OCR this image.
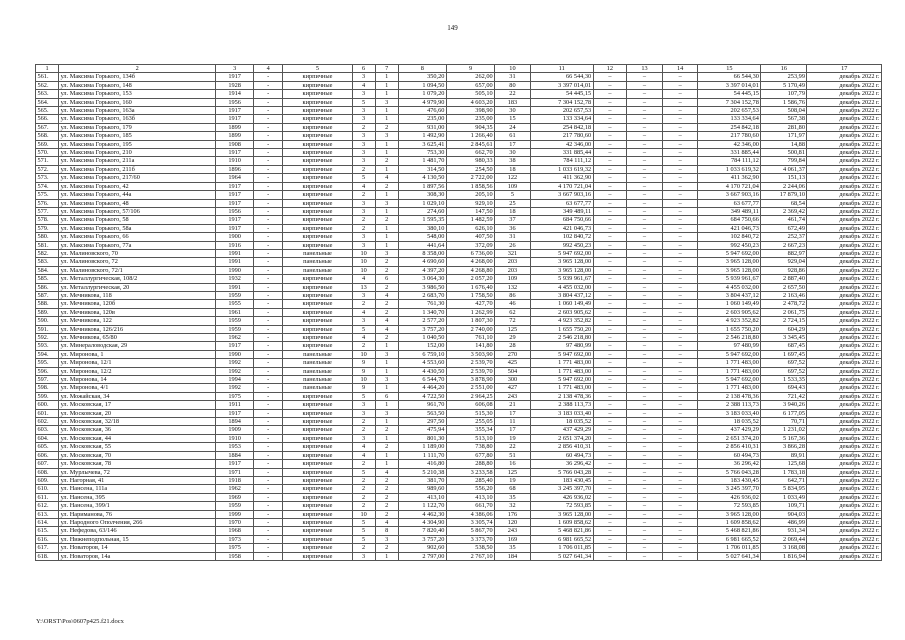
149
1	2	3	4	5	6	7	8	9	10	11	12	13	14	15	16	17
561.	ул. Максима Горького, 134б	1917	-	кирпичные	3	1	350,20	262,00	31	66 544,30	–	–	–	66 544,30	253,99	декабрь 2022 г.
562.	ул. Максима Горького, 148	1928	-	кирпичные	4	1	1 094,50	657,00	80	3 397 014,01	–	–	–	3 397 014,01	5 170,49	декабрь 2022 г.
563.	ул. Максима Горького, 153	1914	-	кирпичные	3	1	1 079,20	505,10	22	54 445,15	–	–	–	54 445,15	107,79	декабрь 2022 г.
564.	ул. Максима Горького, 160	1956	-	кирпичные	5	3	4 979,90	4 603,20	183	7 304 152,78	–	–	–	7 304 152,78	1 586,76	декабрь 2022 г.
565.	ул. Максима Горького, 163а	1917	-	кирпичные	3	1	476,60	398,90	30	202 657,53	–	–	–	202 657,53	508,04	декабрь 2022 г.
566.	ул. Максима Горького, 163б	1917	-	кирпичные	3	1	235,00	235,00	15	133 334,64	–	–	–	133 334,64	567,38	декабрь 2022 г.
567.	ул. Максима Горького, 179	1899	-	кирпичные	2	2	931,00	904,35	24	254 842,18	–	–	–	254 842,18	281,80	декабрь 2022 г.
568.	ул. Максима Горького, 185	1899	-	кирпичные	3	3	1 492,90	1 266,40	61	217 780,60	–	–	–	217 780,60	171,97	декабрь 2022 г.
569.	ул. Максима Горького, 195	1908	-	кирпичные	3	1	3 625,41	2 845,61	17	42 346,00	–	–	–	42 346,00	14,88	декабрь 2022 г.
570.	ул. Максима Горького, 210	1917	-	кирпичные	3	1	753,30	662,70	30	331 885,44	–	–	–	331 885,44	500,81	декабрь 2022 г.
571.	ул. Максима Горького, 211а	1910	-	кирпичные	3	2	1 481,70	980,33	38	784 111,12	–	–	–	784 111,12	799,84	декабрь 2022 г.
572.	ул. Максима Горького, 211б	1896	-	кирпичные	2	1	314,50	254,50	18	1 033 619,32	–	–	–	1 033 619,32	4 061,37	декабрь 2022 г.
573.	ул. Максима Горького, 217/60	1964	-	кирпичные	5	4	4 130,50	2 722,00	122	411 362,90	–	–	–	411 362,90	151,13	декабрь 2022 г.
574.	ул. Максима Горького, 42	1917	-	кирпичные	4	2	1 897,56	1 858,56	109	4 170 721,04	–	–	–	4 170 721,04	2 244,06	декабрь 2022 г.
575.	ул. Максима Горького, 44а	1917	-	кирпичные	2	1	308,30	205,10	5	3 667 903,16	–	–	–	3 667 903,16	17 879,10	декабрь 2022 г.
576.	ул. Максима Горького, 48	1917	-	кирпичные	3	3	1 029,10	929,10	25	63 677,77	–	–	–	63 677,77	68,54	декабрь 2022 г.
577.	ул. Максима Горького, 57/106	1956	-	кирпичные	3	1	274,60	147,50	18	349 489,11	–	–	–	349 489,11	2 369,42	декабрь 2022 г.
578.	ул. Максима Горького, 58	1917	-	кирпичные	2	2	1 595,35	1 482,59	37	684 750,66	–	–	–	684 750,66	461,74	декабрь 2022 г.
579.	ул. Максима Горького, 58а	1917	-	кирпичные	2	1	380,10	626,10	36	421 046,73	–	–	–	421 046,73	672,49	декабрь 2022 г.
580.	ул. Максима Горького, 66	1900	-	кирпичные	3	1	548,00	407,50	31	102 840,72	–	–	–	102 840,72	252,37	декабрь 2022 г.
581.	ул. Максима Горького, 77а	1916	-	кирпичные	3	1	441,64	372,09	26	992 450,23	–	–	–	992 450,23	2 667,23	декабрь 2022 г.
582.	ул. Малиновского, 70	1991	-	панельные	10	3	8 358,00	6 736,00	321	5 947 692,00	–	–	–	5 947 692,00	882,97	декабрь 2022 г.
583.	ул. Малиновского, 72	1991	-	панельные	10	2	4 690,60	4 268,00	203	3 965 128,00	–	–	–	3 965 128,00	929,04	декабрь 2022 г.
584.	ул. Малиновского, 72/1	1990	-	панельные	10	2	4 397,20	4 268,80	203	3 965 128,00	–	–	–	3 965 128,00	928,86	декабрь 2022 г.
585.	ул. Металлургическая, 108/2	1932	-	кирпичные	4	6	3 064,30	2 057,20	109	5 939 961,67	–	–	–	5 939 961,67	2 887,40	декабрь 2022 г.
586.	ул. Металлургическая, 20	1991	-	кирпичные	13	2	3 986,50	1 676,40	132	4 455 032,00	–	–	–	4 455 032,00	2 657,50	декабрь 2022 г.
587.	ул. Мечникова, 118	1959	-	кирпичные	3	4	2 683,70	1 758,50	86	3 804 437,12	–	–	–	3 804 437,12	2 163,46	декабрь 2022 г.
588.	ул. Мечникова, 120б	1955	-	кирпичные	2	2	761,30	427,70	46	1 060 149,49	–	–	–	1 060 149,49	2 478,72	декабрь 2022 г.
589.	ул. Мечникова, 120в	1961	-	кирпичные	4	2	1 340,70	1 262,99	62	2 603 905,62	–	–	–	2 603 905,62	2 061,75	декабрь 2022 г.
590.	ул. Мечникова, 122	1959	-	кирпичные	3	4	2 577,20	1 807,30	72	4 923 352,82	–	–	–	4 923 352,82	2 724,15	декабрь 2022 г.
591.	ул. Мечникова, 126/216	1959	-	кирпичные	5	4	3 757,20	2 740,00	125	1 655 750,20	–	–	–	1 655 750,20	604,29	декабрь 2022 г.
592.	ул. Мечникова, 65/80	1962	-	кирпичные	4	2	1 040,50	761,10	29	2 546 218,80	–	–	–	2 546 218,80	3 345,45	декабрь 2022 г.
593.	ул. Минераловодская, 29	1917	-	кирпичные	2	1	152,00	141,80	28	97 480,99	–	–	–	97 480,99	687,45	декабрь 2022 г.
594.	ул. Миронова, 1	1990	-	панельные	10	3	6 759,10	3 503,90	270	5 947 692,00	–	–	–	5 947 692,00	1 697,45	декабрь 2022 г.
595.	ул. Миронова, 12/1	1992	-	панельные	9	1	4 553,60	2 539,70	425	1 771 483,00	–	–	–	1 771 483,00	697,52	декабрь 2022 г.
596.	ул. Миронова, 12/2	1992	-	панельные	9	1	4 430,50	2 539,70	504	1 771 483,00	–	–	–	1 771 483,00	697,52	декабрь 2022 г.
597.	ул. Миронова, 14	1994	-	панельные	10	3	6 544,70	3 878,90	300	5 947 692,00	–	–	–	5 947 692,00	1 533,35	декабрь 2022 г.
598.	ул. Миронова, 4/1	1992	-	панельные	9	1	4 464,20	2 551,00	427	1 771 483,00	–	–	–	1 771 483,00	694,43	декабрь 2022 г.
599.	ул. Можайская, 34	1975	-	кирпичные	5	6	4 722,50	2 964,25	243	2 138 478,36	–	–	–	2 138 478,36	721,42	декабрь 2022 г.
600.	ул. Московская, 17	1911	-	кирпичные	3	1	961,70	606,08	21	2 388 113,73	–	–	–	2 388 113,73	3 940,26	декабрь 2022 г.
601.	ул. Московская, 20	1917	-	кирпичные	3	3	563,50	515,30	17	3 183 033,40	–	–	–	3 183 033,40	6 177,05	декабрь 2022 г.
602.	ул. Московская, 32/18	1894	-	кирпичные	2	1	297,50	255,05	11	18 035,52	–	–	–	18 035,52	70,71	декабрь 2022 г.
603.	ул. Московская, 36	1909	-	кирпичные	2	2	475,94	355,34	17	437 429,29	–	–	–	437 429,29	1 231,02	декабрь 2022 г.
604.	ул. Московская, 44	1910	-	кирпичные	3	1	801,30	513,10	19	2 651 374,20	–	–	–	2 651 374,20	5 167,36	декабрь 2022 г.
605.	ул. Московская, 55	1953	-	кирпичные	4	2	1 189,00	738,80	22	2 856 410,31	–	–	–	2 856 410,31	3 866,28	декабрь 2022 г.
606.	ул. Московская, 70	1884	-	кирпичные	4	1	1 111,70	677,80	51	60 494,73	–	–	–	60 494,73	89,91	декабрь 2022 г.
607.	ул. Московская, 78	1917	-	кирпичные	2	1	416,80	288,80	16	36 296,42	–	–	–	36 296,42	125,68	декабрь 2022 г.
608.	ул. Мурлычева, 72	1971	-	кирпичные	5	4	5 210,38	3 233,58	125	5 766 043,28	–	–	–	5 766 043,28	1 783,18	декабрь 2022 г.
609.	ул. Нагорная, 41	1918	-	кирпичные	2	2	381,70	285,40	19	183 430,45	–	–	–	183 430,45	642,71	декабрь 2022 г.
610.	ул. Нансена, 111а	1962	-	кирпичные	2	2	989,60	556,20	68	3 245 397,70	–	–	–	3 245 397,70	5 834,95	декабрь 2022 г.
611.	ул. Нансена, 395	1969	-	кирпичные	2	2	413,10	413,10	35	426 936,02	–	–	–	426 936,02	1 033,49	декабрь 2022 г.
612.	ул. Нансена, 399/1	1959	-	кирпичные	2	2	1 122,70	661,70	32	72 593,85	–	–	–	72 593,85	109,71	декабрь 2022 г.
613.	ул. Нариманова, 76	1999	-	кирпичные	10	2	4 462,30	4 386,06	176	3 965 128,00	–	–	–	3 965 128,00	904,03	декабрь 2022 г.
614.	ул. Народного Ополчения, 266	1970	-	кирпичные	5	4	4 304,90	3 305,74	120	1 609 858,62	–	–	–	1 609 858,62	486,99	декабрь 2022 г.
615.	ул. Нефедова, 63/146	1968	-	кирпичные	5	8	7 820,40	5 867,70	243	5 468 821,86	–	–	–	5 468 821,86	931,34	декабрь 2022 г.
616.	ул. Нижнеподпольная, 15	1973	-	кирпичные	5	3	3 757,20	3 373,70	169	6 981 665,52	–	–	–	6 981 665,52	2 069,44	декабрь 2022 г.
617.	ул. Новаторов, 14	1975	-	кирпичные	2	2	902,60	538,50	35	1 706 011,85	–	–	–	1 706 011,85	3 168,08	декабрь 2022 г.
618.	ул. Новаторов, 14а	1958	-	кирпичные	3	1	2 797,00	2 767,10	184	5 027 641,34	–	–	–	5 027 641,34	1 816,94	декабрь 2022 г.
Y:\ORST\Pos\0607p425.f21.docx
